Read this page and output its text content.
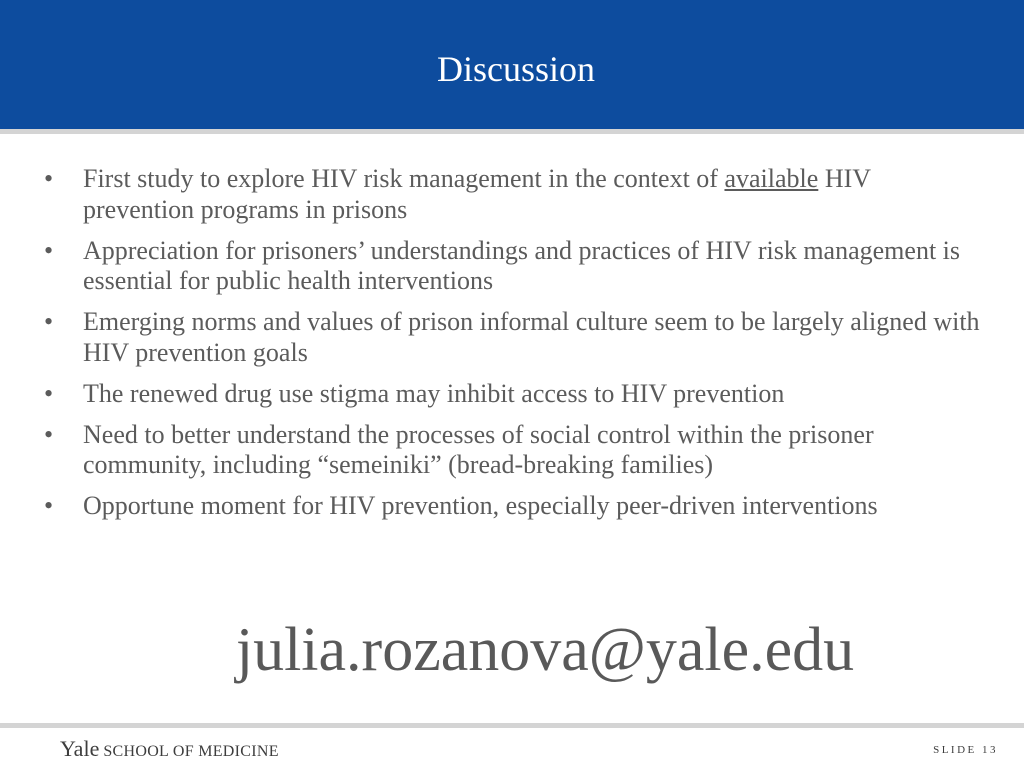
Discussion
• First study to explore HIV risk management in the context of available HIV prevention programs in prisons
• Appreciation for prisoners’ understandings and practices of HIV risk management is essential for public health interventions
• Emerging norms and values of prison informal culture seem to be largely aligned with HIV prevention goals
• The renewed drug use stigma may inhibit access to HIV prevention
• Need to better understand the processes of social control within the prisoner community, including “semeiniki” (bread-breaking families)
• Opportune moment for HIV prevention, especially peer-driven interventions
julia.rozanova@yale.edu
Yale SCHOOL OF MEDICINE	SLIDE 13
